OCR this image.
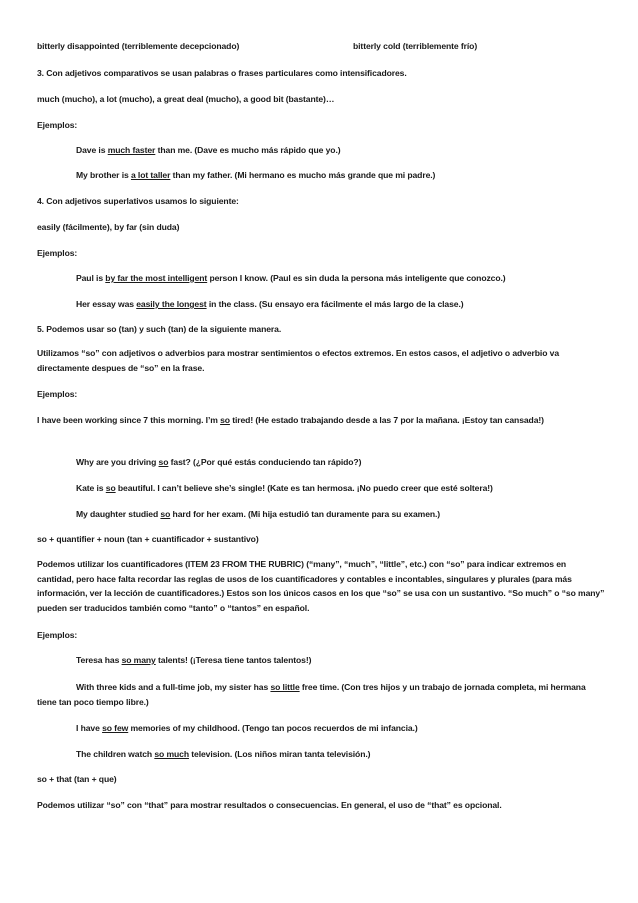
bitterly disappointed (terriblemente decepcionado)	bitterly cold (terriblemente frío)
3. Con adjetivos comparativos se usan palabras o frases particulares como intensificadores.
much (mucho), a lot (mucho), a great deal (mucho), a good bit (bastante)…
Ejemplos:
Dave is much faster than me. (Dave es mucho más rápido que yo.)
My brother is a lot taller than my father. (Mi hermano es mucho más grande que mi padre.)
4. Con adjetivos superlativos usamos lo siguiente:
easily (fácilmente), by far (sin duda)
Ejemplos:
Paul is by far the most intelligent person I know. (Paul es sin duda la persona más inteligente que conozco.)
Her essay was easily the longest in the class. (Su ensayo era fácilmente el más largo de la clase.)
5. Podemos usar so (tan) y such (tan) de la siguiente manera.
Utilizamos “so” con adjetivos o adverbios para mostrar sentimientos o efectos extremos. En estos casos, el adjetivo o adverbio va directamente despues de “so” en la frase.
Ejemplos:
I have been working since 7 this morning. I’m so tired! (He estado trabajando desde a las 7 por la mañana. ¡Estoy tan cansada!)
Why are you driving so fast? (¿Por qué estás conduciendo tan rápido?)
Kate is so beautiful. I can’t believe she’s single! (Kate es tan hermosa. ¡No puedo creer que esté soltera!)
My daughter studied so hard for her exam. (Mi hija estudió tan duramente para su examen.)
so + quantifier + noun (tan + cuantificador + sustantivo)
Podemos utilizar los cuantificadores (ITEM 23 FROM THE RUBRIC) (“many”, “much”, “little”, etc.) con “so” para indicar extremos en cantidad, pero hace falta recordar las reglas de usos de los cuantificadores y contables e incontables, singulares y plurales (para más información, ver la lección de cuantificadores.) Estos son los únicos casos en los que “so” se usa con un sustantivo. “So much” o “so many” pueden ser traducidos también como “tanto” o “tantos” en español.
Ejemplos:
Teresa has so many talents! (¡Teresa tiene tantos talentos!)
With three kids and a full-time job, my sister has so little free time. (Con tres hijos y un trabajo de jornada completa, mi hermana tiene tan poco tiempo libre.)
I have so few memories of my childhood. (Tengo tan pocos recuerdos de mi infancia.)
The children watch so much television. (Los niños miran tanta televisión.)
so + that (tan + que)
Podemos utilizar “so” con “that” para mostrar resultados o consecuencias. En general, el uso de “that” es opcional.
